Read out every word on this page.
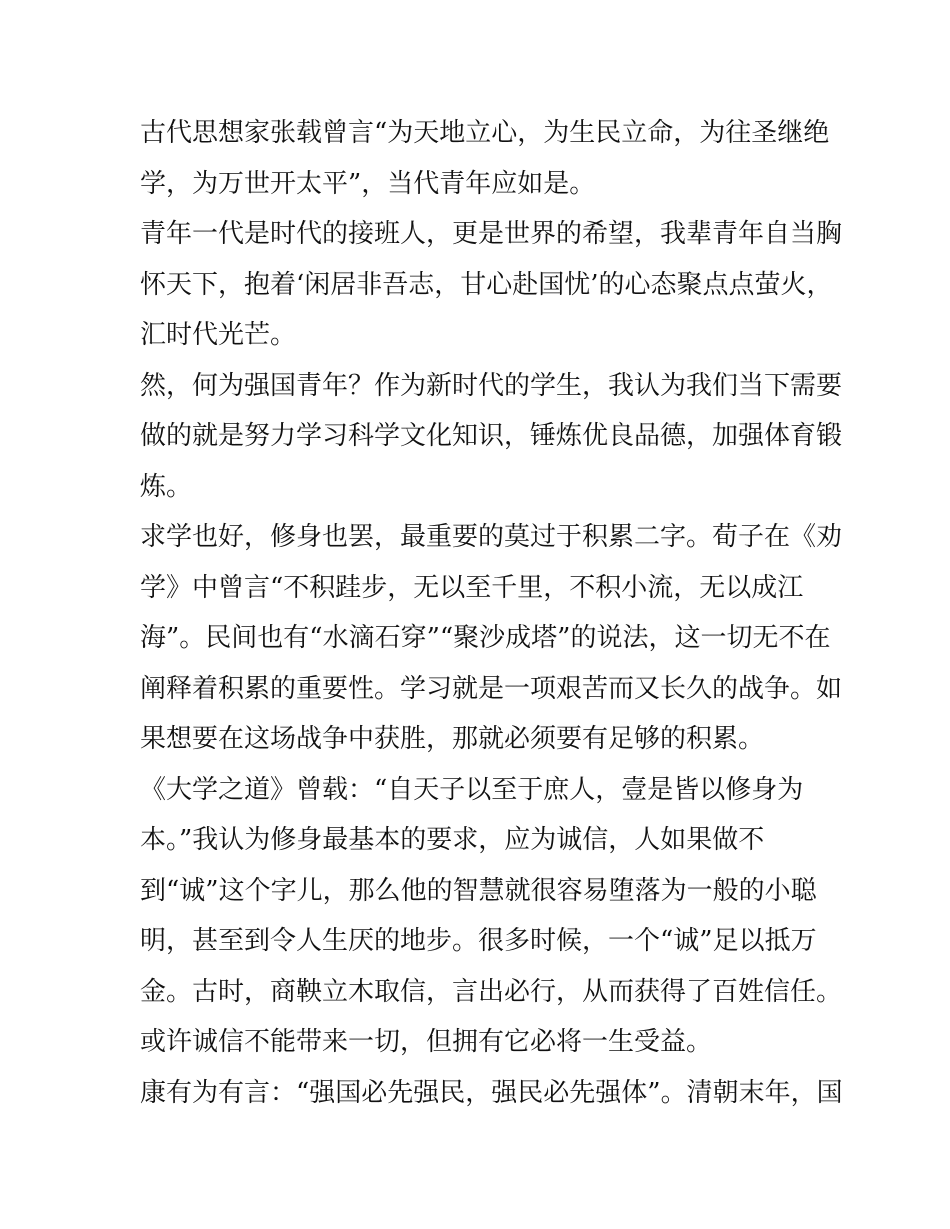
古代思想家张载曾言“为天地立心，为生民立命，为往圣继绝
学，为万世开太平”，当代青年应如是。
青年一代是时代的接班人，更是世界的希望，我辈青年自当胸
怀天下，抱着‘闲居非吾志，甘心赴国忧’的心态聚点点萤火，
汇时代光芒。
然，何为强国青年？作为新时代的学生，我认为我们当下需要
做的就是努力学习科学文化知识，锤炼优良品德，加强体育锻
炼。
求学也好，修身也罢，最重要的莫过于积累二字。荀子在《劝
学》中曾言“不积跬步，无以至千里，不积小流，无以成江
海”。民间也有“水滴石穿”“聚沙成塔”的说法，这一切无不在
阐释着积累的重要性。学习就是一项艰苦而又长久的战争。如
果想要在这场战争中获胜，那就必须要有足够的积累。
《大学之道》曾载：“自天子以至于庶人，壹是皆以修身为
本。”我认为修身最基本的要求，应为诚信，人如果做不
到“诚”这个字儿，那么他的智慧就很容易堕落为一般的小聪
明，甚至到令人生厌的地步。很多时候，一个“诚”足以抵万
金。古时，商鞅立木取信，言出必行，从而获得了百姓信任。
或许诚信不能带来一切，但拥有它必将一生受益。
康有为有言：“强国必先强民，强民必先强体”。清朝末年，国
